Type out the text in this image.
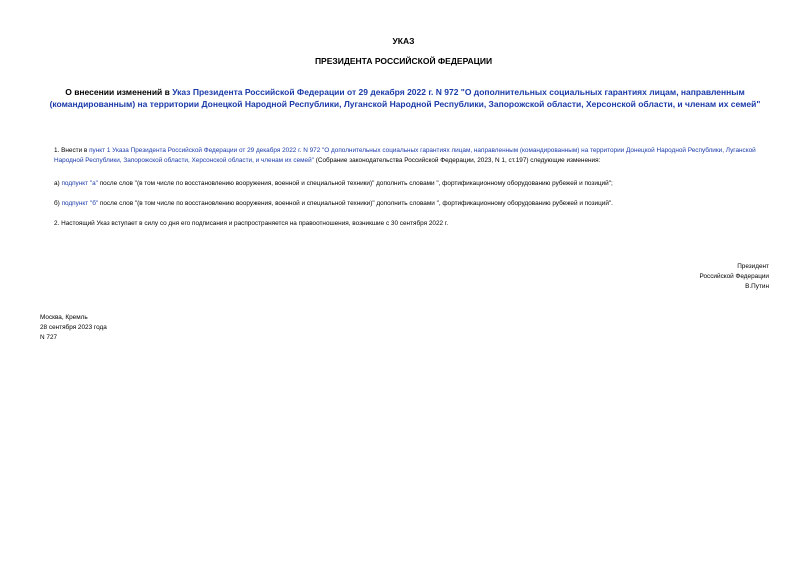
УКАЗ
ПРЕЗИДЕНТА РОССИЙСКОЙ ФЕДЕРАЦИИ
О внесении изменений в Указ Президента Российской Федерации от 29 декабря 2022 г. N 972 "О дополнительных социальных гарантиях лицам, направленным (командированным) на территории Донецкой Народной Республики, Луганской Народной Республики, Запорожской области, Херсонской области, и членам их семей"
1. Внести в пункт 1 Указа Президента Российской Федерации от 29 декабря 2022 г. N 972 "О дополнительных социальных гарантиях лицам, направленным (командированным) на территории Донецкой Народной Республики, Луганской Народной Республики, Запорожской области, Херсонской области, и членам их семей" (Собрание законодательства Российской Федерации, 2023, N 1, ст.197) следующие изменения:
а) подпункт "а" после слов "(в том числе по восстановлению вооружения, военной и специальной техники)" дополнить словами ", фортификационному оборудованию рубежей и позиций";
б) подпункт "б" после слов "(в том числе по восстановлению вооружения, военной и специальной техники)" дополнить словами ", фортификационному оборудованию рубежей и позиций".
2. Настоящий Указ вступает в силу со дня его подписания и распространяется на правоотношения, возникшие с 30 сентября 2022 г.
Президент
Российской Федерации
В.Путин
Москва, Кремль
28 сентября 2023 года
N 727
